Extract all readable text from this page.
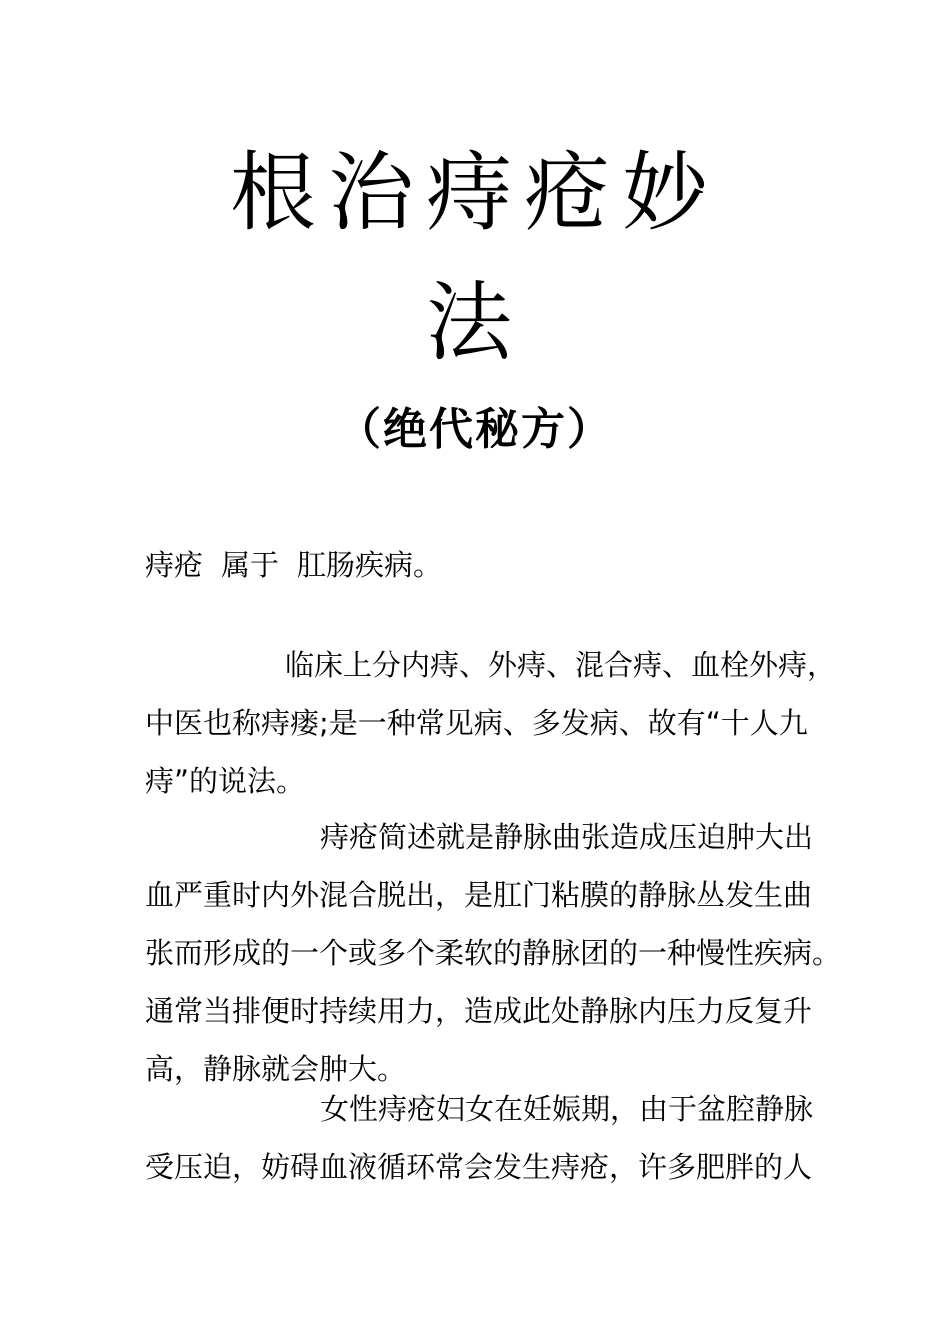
根治痔疮妙
法
（绝代秘方）

痔疮 属于 肛肠疾病。

临床上分内痔、外痔、混合痔、血栓外痔，
中医也称痔瘘;是一种常见病、多发病、故有“十人九
痔”的说法。

痔疮简述就是静脉曲张造成压迫肿大出
血严重时内外混合脱出，是肛门粘膜的静脉丛发生曲
张而形成的一个或多个柔软的静脉团的一种慢性疾病。
通常当排便时持续用力，造成此处静脉内压力反复升
高，静脉就会肿大。

女性痔疮妇女在妊娠期，由于盆腔静脉
受压迫，妨碍血液循环常会发生痔疮，许多肥胖的人
